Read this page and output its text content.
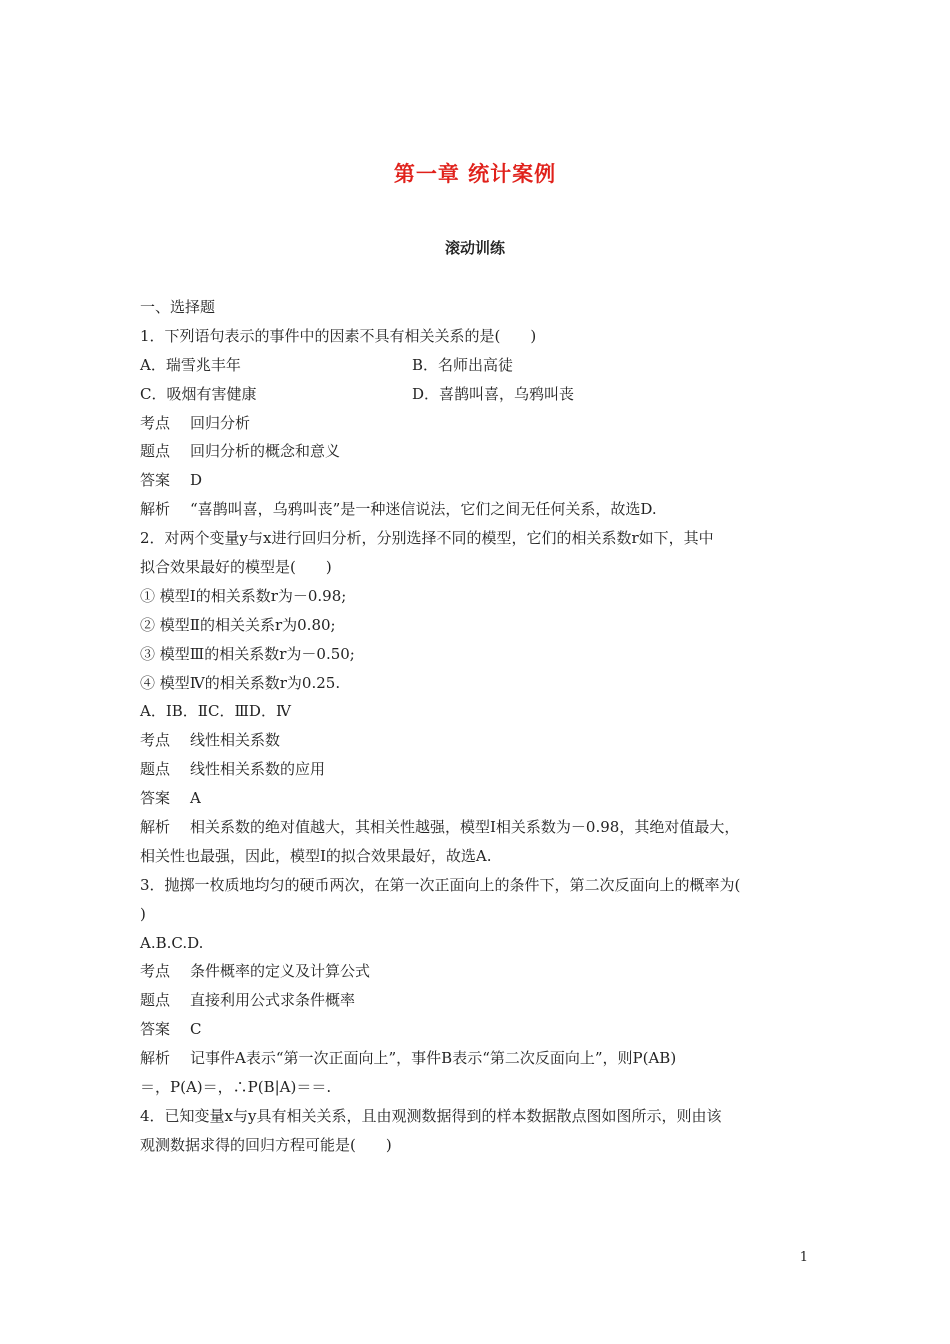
第一章 统计案例
滚动训练
一、选择题
1．下列语句表示的事件中的因素不具有相关关系的是(　　)
A．瑞雪兆丰年	B．名师出高徒
C．吸烟有害健康	D．喜鹊叫喜，乌鸦叫丧
考点 回归分析
题点 回归分析的概念和意义
答案 D
解析 “喜鹊叫喜，乌鸦叫丧”是一种迷信说法，它们之间无任何关系，故选D.
2．对两个变量y与x进行回归分析，分别选择不同的模型，它们的相关系数r如下，其中
拟合效果最好的模型是(　　)
① 模型Ⅰ的相关系数r为－0.98;
② 模型Ⅱ的相关关系r为0.80;
③ 模型Ⅲ的相关系数r为－0.50;
④ 模型Ⅳ的相关系数r为0.25.
A．ⅠB．ⅡC．ⅢD．Ⅳ
考点 线性相关系数
题点 线性相关系数的应用
答案 A
解析 相关系数的绝对值越大，其相关性越强，模型Ⅰ相关系数为－0.98，其绝对值最大，
相关性也最强，因此，模型Ⅰ的拟合效果最好，故选A.
3．抛掷一枚质地均匀的硬币两次，在第一次正面向上的条件下，第二次反面向上的概率为(
)
A.B.C.D.
考点 条件概率的定义及计算公式
题点 直接利用公式求条件概率
答案 C
解析 记事件A表示“第一次正面向上”，事件B表示“第二次反面向上”，则P(AB)
＝，P(A)＝，∴P(B|A)＝＝.
4．已知变量x与y具有相关关系，且由观测数据得到的样本数据散点图如图所示，则由该
观测数据求得的回归方程可能是(　　)
1
